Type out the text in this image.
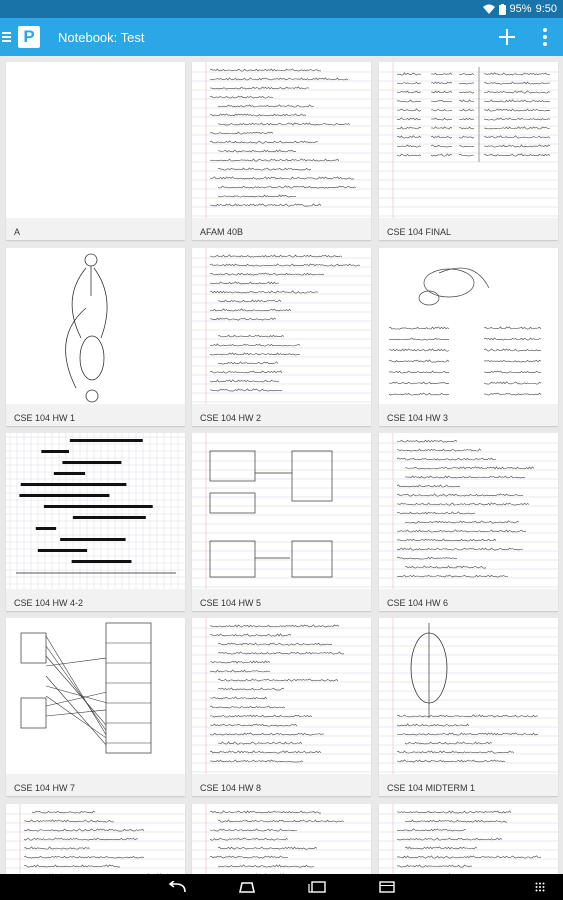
95% 9:50
P	Notebook: Test
A	AFAM 40B	CSE 104 FINAL
CSE 104 HW 1	CSE 104 HW 2	CSE 104 HW 3
CSE 104 HW 4-2	CSE 104 HW 5	CSE 104 HW 6
CSE 104 HW 7	CSE 104 HW 8	CSE 104 MIDTERM 1
